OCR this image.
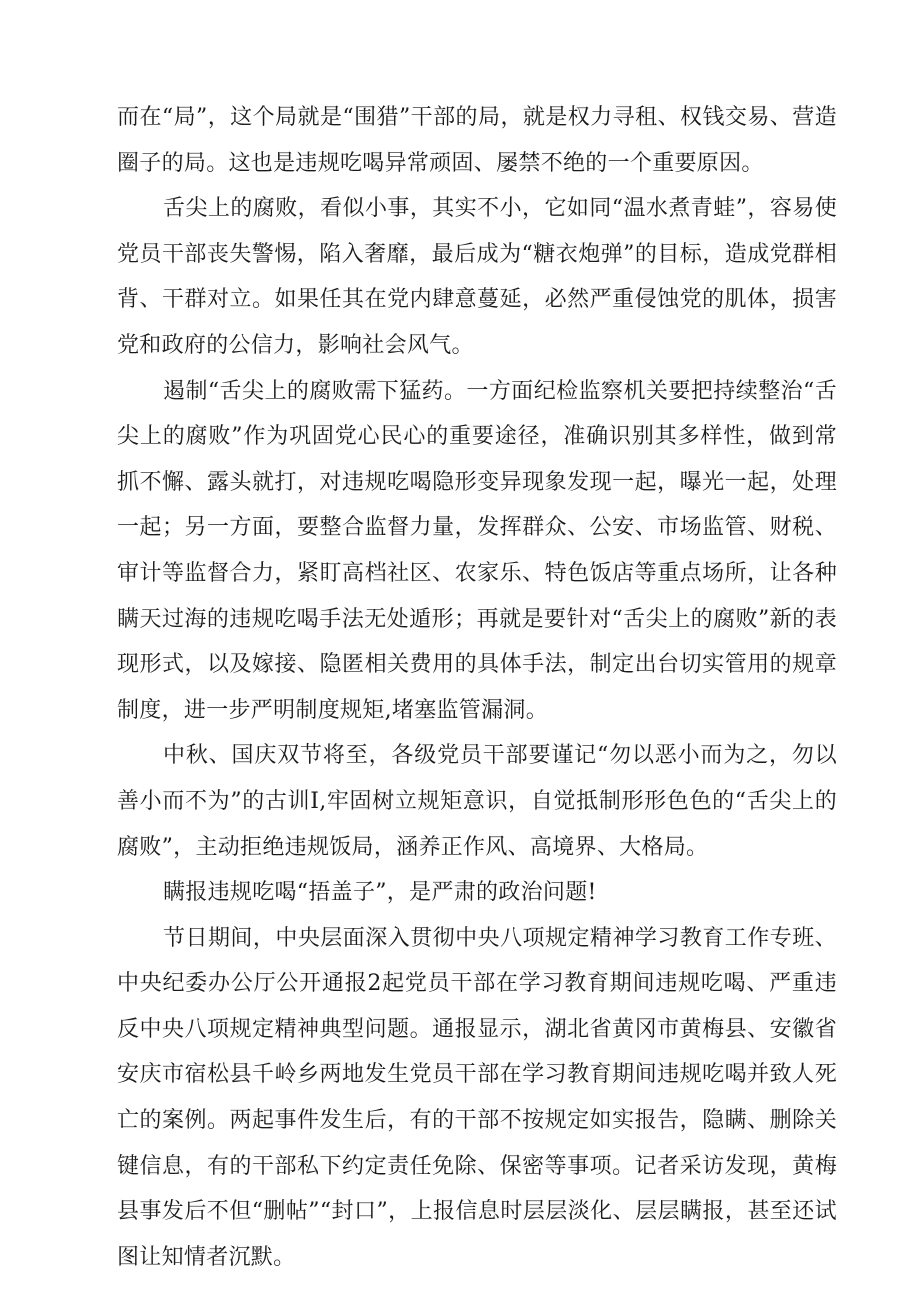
而在“局”，这个局就是“围猎”干部的局，就是权力寻租、权钱交易、营造圈子的局。这也是违规吃喝异常顽固、屡禁不绝的一个重要原因。

舌尖上的腐败，看似小事，其实不小，它如同“温水煮青蛙”，容易使党员干部丧失警惕，陷入奢靡，最后成为“糖衣炮弹”的目标，造成党群相背、干群对立。如果任其在党内肆意蔓延，必然严重侵蚀党的肌体，损害党和政府的公信力，影响社会风气。

遏制“舌尖上的腐败需下猛药。一方面纪检监察机关要把持续整治“舌尖上的腐败”作为巩固党心民心的重要途径，准确识别其多样性，做到常抓不懈、露头就打，对违规吃喝隐形变异现象发现一起，曝光一起，处理一起；另一方面，要整合监督力量，发挥群众、公安、市场监管、财税、审计等监督合力，紧盯高档社区、农家乐、特色饭店等重点场所，让各种瞒天过海的违规吃喝手法无处遁形；再就是要针对“舌尖上的腐败”新的表现形式，以及嫁接、隐匿相关费用的具体手法，制定出台切实管用的规章制度，进一步严明制度规矩,堵塞监管漏洞。

中秋、国庆双节将至，各级党员干部要谨记“勿以恶小而为之，勿以善小而不为”的古训I,牢固树立规矩意识，自觉抵制形形色色的“舌尖上的腐败”，主动拒绝违规饭局，涵养正作风、高境界、大格局。

瞒报违规吃喝“捂盖子”，是严肃的政治问题!

节日期间，中央层面深入贯彻中央八项规定精神学习教育工作专班、中央纪委办公厅公开通报2起党员干部在学习教育期间违规吃喝、严重违反中央八项规定精神典型问题。通报显示，湖北省黄冈市黄梅县、安徽省安庆市宿松县千岭乡两地发生党员干部在学习教育期间违规吃喝并致人死亡的案例。两起事件发生后，有的干部不按规定如实报告，隐瞒、删除关键信息，有的干部私下约定责任免除、保密等事项。记者采访发现，黄梅县事发后不但“删帖”“封口”，上报信息时层层淡化、层层瞒报，甚至还试图让知情者沉默。
